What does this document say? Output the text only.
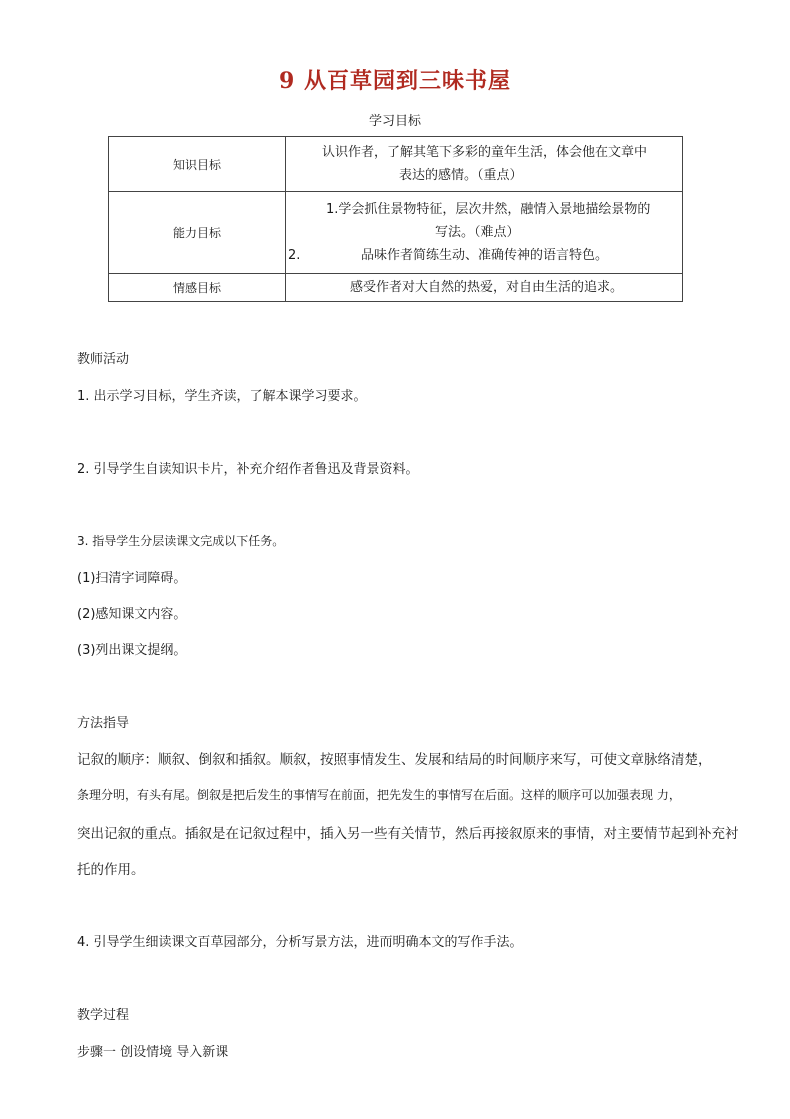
9 从百草园到三味书屋
学习目标
知识目标	认识作者，了解其笔下多彩的童年生活，体会他在文章中
表达的感情。（重点）

能力目标	1.学会抓住景物特征，层次井然，融情入景地描绘景物的
写法。（难点）
2. 品味作者简练生动、准确传神的语言特色。

情感目标	感受作者对大自然的热爱，对自由生活的追求。
教师活动
1. 出示学习目标，学生齐读，了解本课学习要求。
2. 引导学生自读知识卡片，补充介绍作者鲁迅及背景资料。
3. 指导学生分层读课文完成以下任务。
(1)扫清字词障碍。
(2)感知课文内容。
(3)列出课文提纲。
方法指导
记叙的顺序：顺叙、倒叙和插叙。顺叙，按照事情发生、发展和结局的时间顺序来写，可使文章脉络清楚，
条理分明，有头有尾。倒叙是把后发生的事情写在前面，把先发生的事情写在后面。这样的顺序可以加强表现 力，
突出记叙的重点。插叙是在记叙过程中，插入另一些有关情节，然后再接叙原来的事情，对主要情节起到补充衬
托的作用。
4. 引导学生细读课文百草园部分，分析写景方法，进而明确本文的写作手法。
教学过程
步骤一 创设情境 导入新课
